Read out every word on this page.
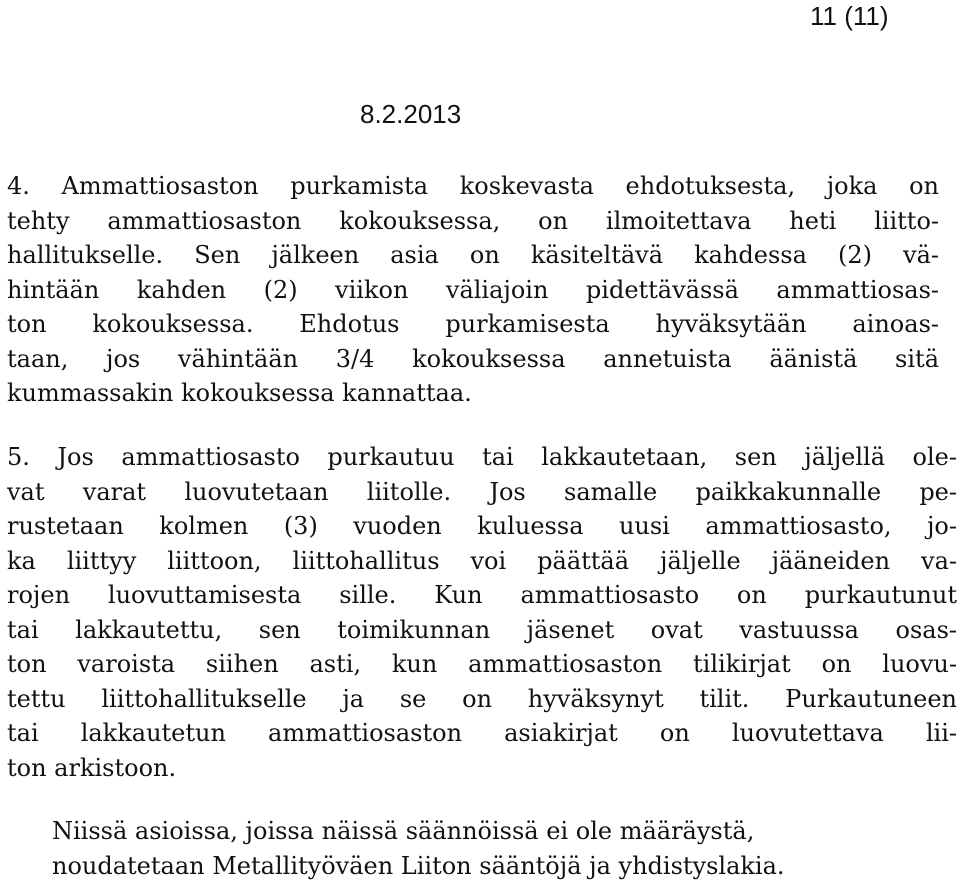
11 (11)
8.2.2013
4. Ammattiosaston purkamista koskevasta ehdotuksesta, joka on
tehty ammattiosaston kokouksessa, on ilmoitettava heti liitto-
hallitukselle. Sen jälkeen asia on käsiteltävä kahdessa (2) vä-
hintään kahden (2) viikon väliajoin pidettävässä ammattiosas-
ton kokouksessa. Ehdotus purkamisesta hyväksytään ainoas-
taan, jos vähintään 3/4 kokouksessa annetuista äänistä sitä
kummassakin kokouksessa kannattaa.
5. Jos ammattiosasto purkautuu tai lakkautetaan, sen jäljellä ole-
vat varat luovutetaan liitolle. Jos samalle paikkakunnalle pe-
rustetaan kolmen (3) vuoden kuluessa uusi ammattiosasto, jo-
ka liittyy liittoon, liittohallitus voi päättää jäljelle jääneiden va-
rojen luovuttamisesta sille. Kun ammattiosasto on purkautunut
tai lakkautettu, sen toimikunnan jäsenet ovat vastuussa osas-
ton varoista siihen asti, kun ammattiosaston tilikirjat on luovu-
tettu liittohallitukselle ja se on hyväksynyt tilit. Purkautuneen
tai lakkautetun ammattiosaston asiakirjat on luovutettava lii-
ton arkistoon.
Niissä asioissa, joissa näissä säännöissä ei ole määräystä,
noudatetaan Metallityöväen Liiton sääntöjä ja yhdistyslakia.
